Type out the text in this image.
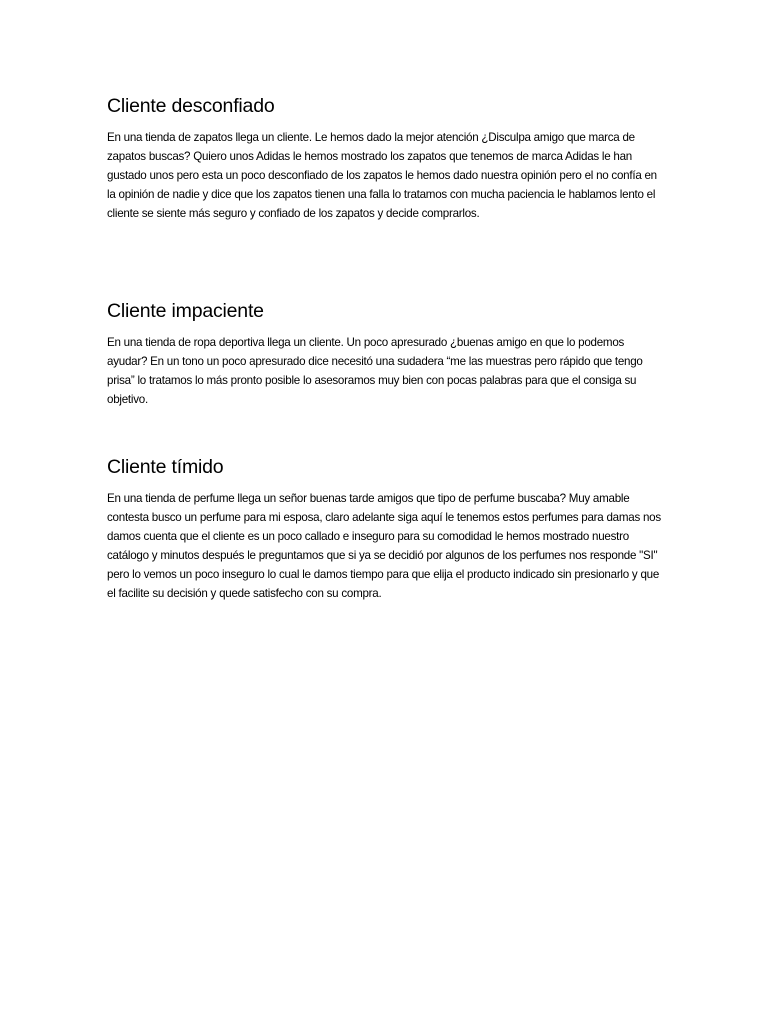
Cliente desconfiado

En una tienda de zapatos llega un cliente. Le hemos dado la mejor atención ¿Disculpa amigo que marca de zapatos buscas? Quiero unos Adidas le hemos mostrado los zapatos que tenemos de marca Adidas le han gustado unos pero esta un poco desconfiado de los zapatos le hemos dado nuestra opinión pero el no confía en la opinión de nadie y dice que los zapatos tienen una falla lo tratamos con mucha paciencia le hablamos lento el cliente se siente más seguro y confiado de los zapatos y decide comprarlos.

Cliente impaciente

En una tienda de ropa deportiva llega un cliente. Un poco apresurado ¿buenas amigo en que lo podemos ayudar? En un tono un poco apresurado dice necesitó una sudadera “me las muestras pero rápido que tengo prisa” lo tratamos lo más pronto posible lo asesoramos muy bien con pocas palabras para que el consiga su objetivo.

Cliente tímido

En una tienda de perfume llega un señor buenas tarde amigos que tipo de perfume buscaba? Muy amable contesta busco un perfume para mi esposa, claro adelante siga aquí le tenemos estos perfumes para damas nos damos cuenta que el cliente es un poco callado e inseguro para su comodidad le hemos mostrado nuestro catálogo y minutos después le preguntamos que si ya se decidió por algunos de los perfumes nos responde "SI" pero lo vemos un poco inseguro lo cual le damos tiempo para que elija el producto indicado sin presionarlo y que el facilite su decisión y quede satisfecho con su compra.
